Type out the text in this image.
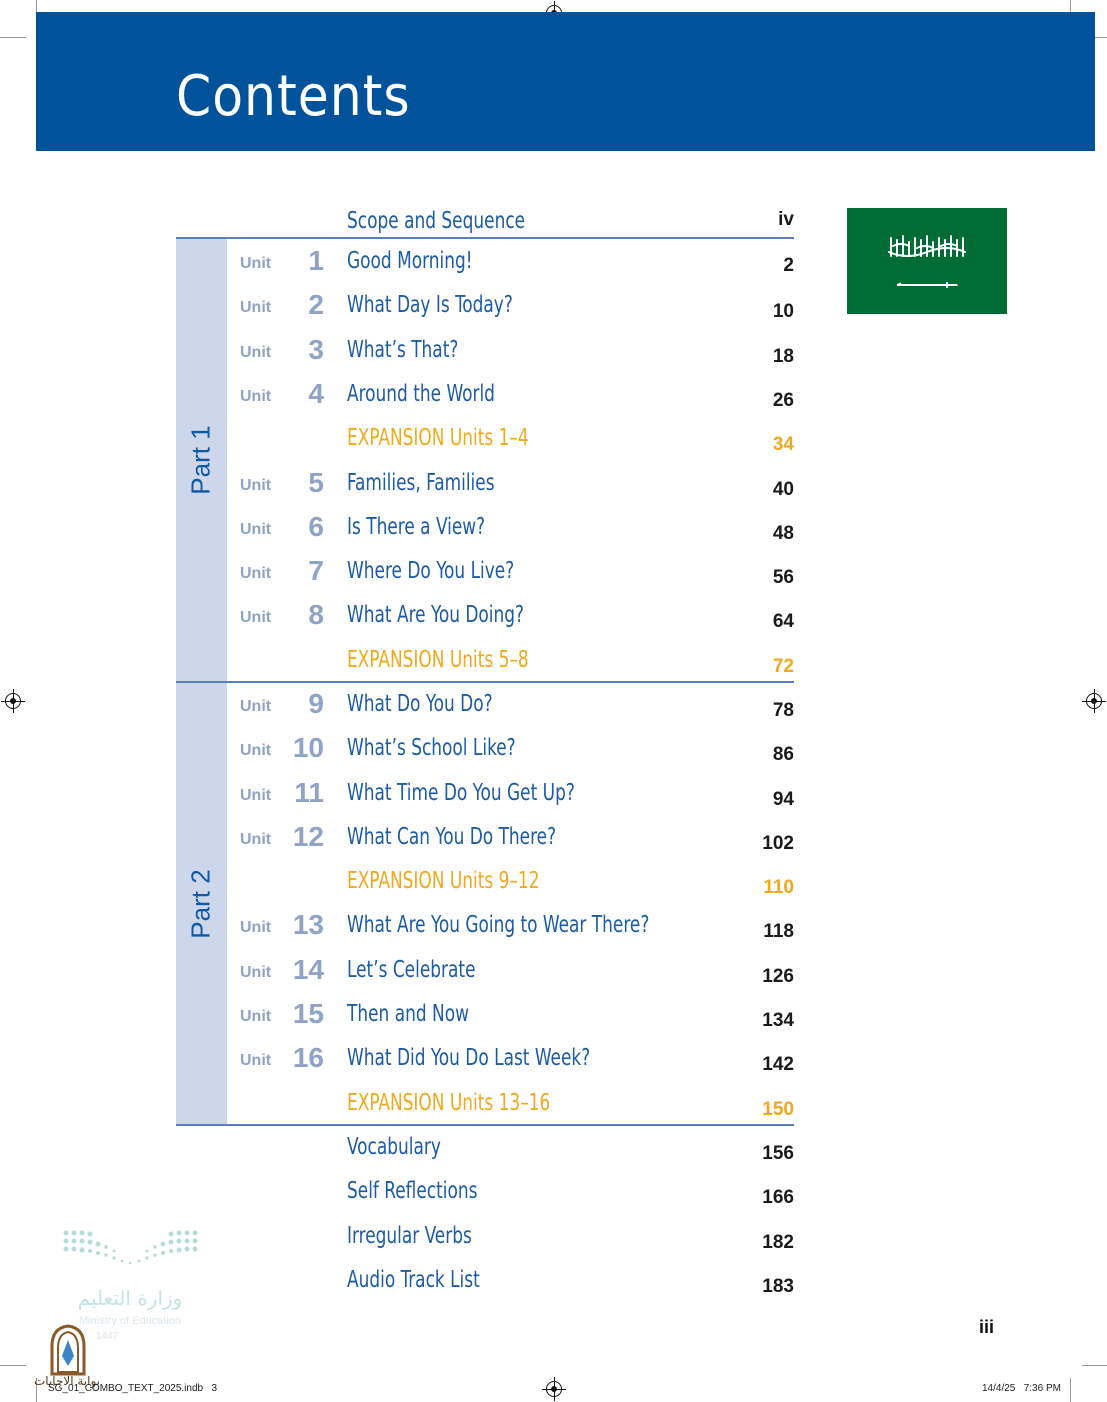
Contents
Scope and Sequence	iv
Part 1
Unit	1 Good Morning!	2
Unit	2 What Day Is Today?	10
Unit	3 What’s That?	18
Unit	4 Around the World	26
EXPANSION Units 1–4	34
Unit	5 Families, Families	40
Unit	6 Is There a View?	48
Unit	7 Where Do You Live?	56
Unit	8 What Are You Doing?	64
EXPANSION Units 5–8	72
Part 2
Unit	9 What Do You Do?	78
Unit 10 What’s School Like?	86
Unit 11 What Time Do You Get Up?	94
Unit 12 What Can You Do There?	102
EXPANSION Units 9–12	110
Unit 13 What Are You Going to Wear There?	118
Unit 14 Let’s Celebrate	126
Unit 15 Then and Now	134
Unit 16 What Did You Do Last Week?	142
EXPANSION Units 13–16	150
Vocabulary	156
Self Reflections	166
Irregular Verbs	182
Audio Track List	183
وزارة التعليم
Ministry of Education
1447
بوابة الاجابات
SG_01_COMBO_TEXT_2025.indb 3	14/4/25 7:36 PM
iii
